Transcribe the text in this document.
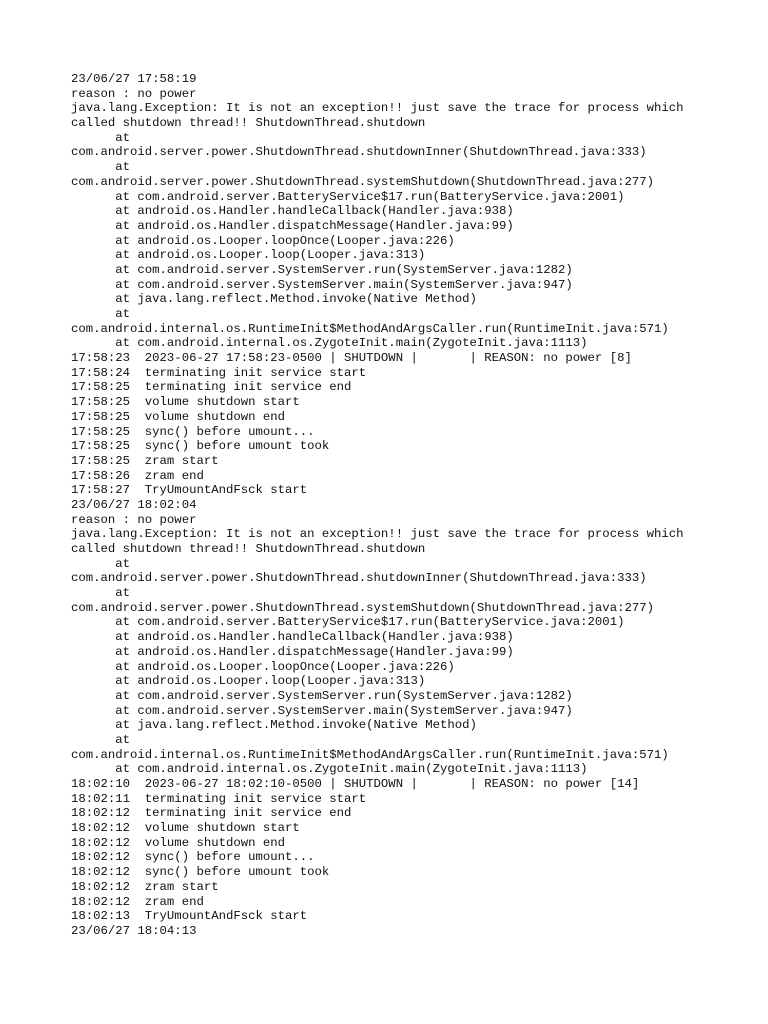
23/06/27 17:58:19

reason : no power

java.lang.Exception: It is not an exception!! just save the trace for process which

called shutdown thread!! ShutdownThread.shutdown

at

com.android.server.power.ShutdownThread.shutdownInner(ShutdownThread.java:333)

at

com.android.server.power.ShutdownThread.systemShutdown(ShutdownThread.java:277)

at com.android.server.BatteryService$17.run(BatteryService.java:2001)

at android.os.Handler.handleCallback(Handler.java:938)

at android.os.Handler.dispatchMessage(Handler.java:99)

at android.os.Looper.loopOnce(Looper.java:226)

at android.os.Looper.loop(Looper.java:313)

at com.android.server.SystemServer.run(SystemServer.java:1282)

at com.android.server.SystemServer.main(SystemServer.java:947)

at java.lang.reflect.Method.invoke(Native Method)

at

com.android.internal.os.RuntimeInit$MethodAndArgsCaller.run(RuntimeInit.java:571)

at com.android.internal.os.ZygoteInit.main(ZygoteInit.java:1113)

17:58:23  2023-06-27 17:58:23-0500 | SHUTDOWN |       | REASON: no power [8]

17:58:24  terminating init service start

17:58:25  terminating init service end

17:58:25  volume shutdown start

17:58:25  volume shutdown end

17:58:25  sync() before umount...

17:58:25  sync() before umount took

17:58:25  zram start

17:58:26  zram end

17:58:27  TryUmountAndFsck start

23/06/27 18:02:04

reason : no power

java.lang.Exception: It is not an exception!! just save the trace for process which

called shutdown thread!! ShutdownThread.shutdown

at

com.android.server.power.ShutdownThread.shutdownInner(ShutdownThread.java:333)

at

com.android.server.power.ShutdownThread.systemShutdown(ShutdownThread.java:277)

at com.android.server.BatteryService$17.run(BatteryService.java:2001)

at android.os.Handler.handleCallback(Handler.java:938)

at android.os.Handler.dispatchMessage(Handler.java:99)

at android.os.Looper.loopOnce(Looper.java:226)

at android.os.Looper.loop(Looper.java:313)

at com.android.server.SystemServer.run(SystemServer.java:1282)

at com.android.server.SystemServer.main(SystemServer.java:947)

at java.lang.reflect.Method.invoke(Native Method)

at

com.android.internal.os.RuntimeInit$MethodAndArgsCaller.run(RuntimeInit.java:571)

at com.android.internal.os.ZygoteInit.main(ZygoteInit.java:1113)

18:02:10  2023-06-27 18:02:10-0500 | SHUTDOWN |       | REASON: no power [14]

18:02:11  terminating init service start

18:02:12  terminating init service end

18:02:12  volume shutdown start

18:02:12  volume shutdown end

18:02:12  sync() before umount...

18:02:12  sync() before umount took

18:02:12  zram start

18:02:12  zram end

18:02:13  TryUmountAndFsck start

23/06/27 18:04:13
